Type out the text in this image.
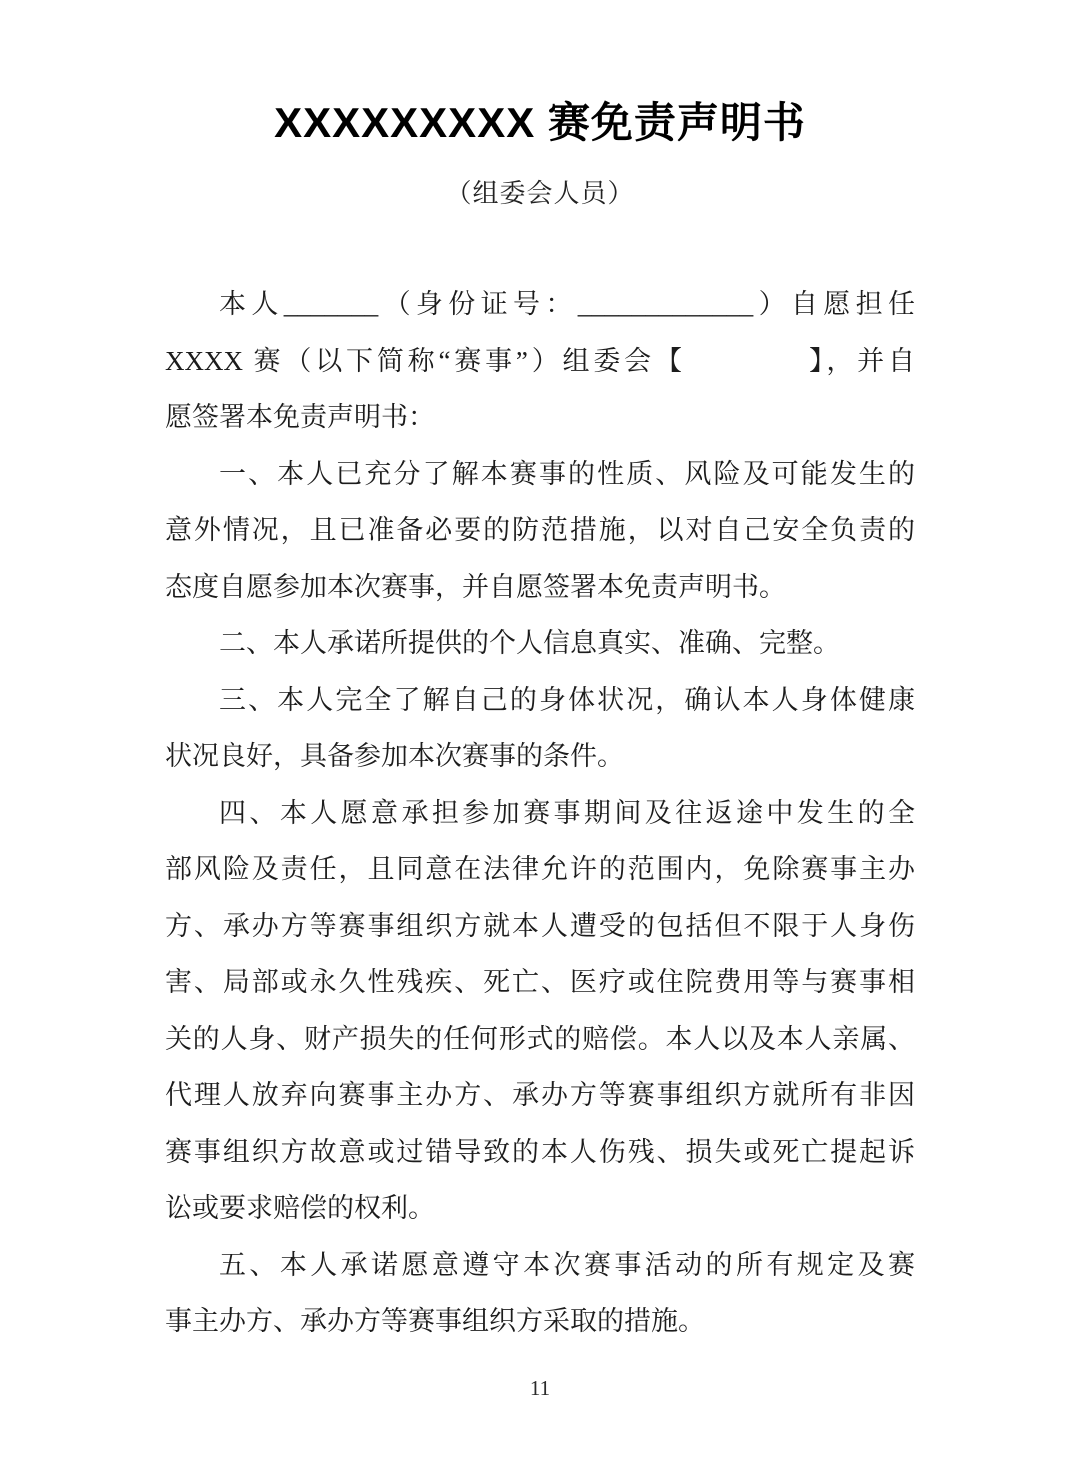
XXXXXXXXX 赛免责声明书
（组委会人员）
本人_______（身份证号：_____________）自愿担任
XXXX 赛（以下简称“赛事”）组委会【　　　　】，并自
愿签署本免责声明书：
一、本人已充分了解本赛事的性质、风险及可能发生的
意外情况，且已准备必要的防范措施，以对自己安全负责的
态度自愿参加本次赛事，并自愿签署本免责声明书。
二、本人承诺所提供的个人信息真实、准确、完整。
三、本人完全了解自己的身体状况，确认本人身体健康
状况良好，具备参加本次赛事的条件。
四、本人愿意承担参加赛事期间及往返途中发生的全
部风险及责任，且同意在法律允许的范围内，免除赛事主办
方、承办方等赛事组织方就本人遭受的包括但不限于人身伤
害、局部或永久性残疾、死亡、医疗或住院费用等与赛事相
关的人身、财产损失的任何形式的赔偿。本人以及本人亲属、
代理人放弃向赛事主办方、承办方等赛事组织方就所有非因
赛事组织方故意或过错导致的本人伤残、损失或死亡提起诉
讼或要求赔偿的权利。
五、本人承诺愿意遵守本次赛事活动的所有规定及赛
事主办方、承办方等赛事组织方采取的措施。
11
